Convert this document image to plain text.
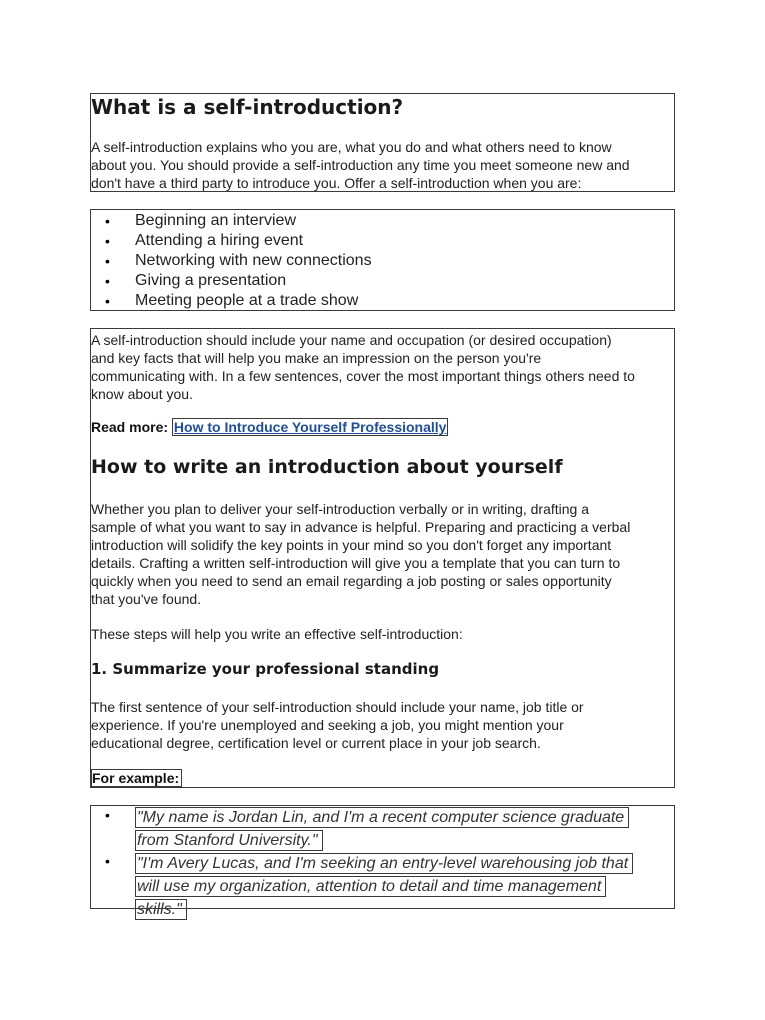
What is a self-introduction?

A self-introduction explains who you are, what you do and what others need to know
about you. You should provide a self-introduction any time you meet someone new and
don't have a third party to introduce you. Offer a self-introduction when you are:

• Beginning an interview
• Attending a hiring event
• Networking with new connections
• Giving a presentation
• Meeting people at a trade show

A self-introduction should include your name and occupation (or desired occupation)
and key facts that will help you make an impression on the person you're
communicating with. In a few sentences, cover the most important things others need to
know about you.

Read more: How to Introduce Yourself Professionally
How to write an introduction about yourself

Whether you plan to deliver your self-introduction verbally or in writing, drafting a
sample of what you want to say in advance is helpful. Preparing and practicing a verbal
introduction will solidify the key points in your mind so you don't forget any important
details. Crafting a written self-introduction will give you a template that you can turn to
quickly when you need to send an email regarding a job posting or sales opportunity
that you've found.

These steps will help you write an effective self-introduction:

1. Summarize your professional standing

The first sentence of your self-introduction should include your name, job title or
experience. If you're unemployed and seeking a job, you might mention your
educational degree, certification level or current place in your job search.

For example:
• "My name is Jordan Lin, and I'm a recent computer science graduate
from Stanford University."
• "I'm Avery Lucas, and I'm seeking an entry-level warehousing job that
will use my organization, attention to detail and time management
skills."
